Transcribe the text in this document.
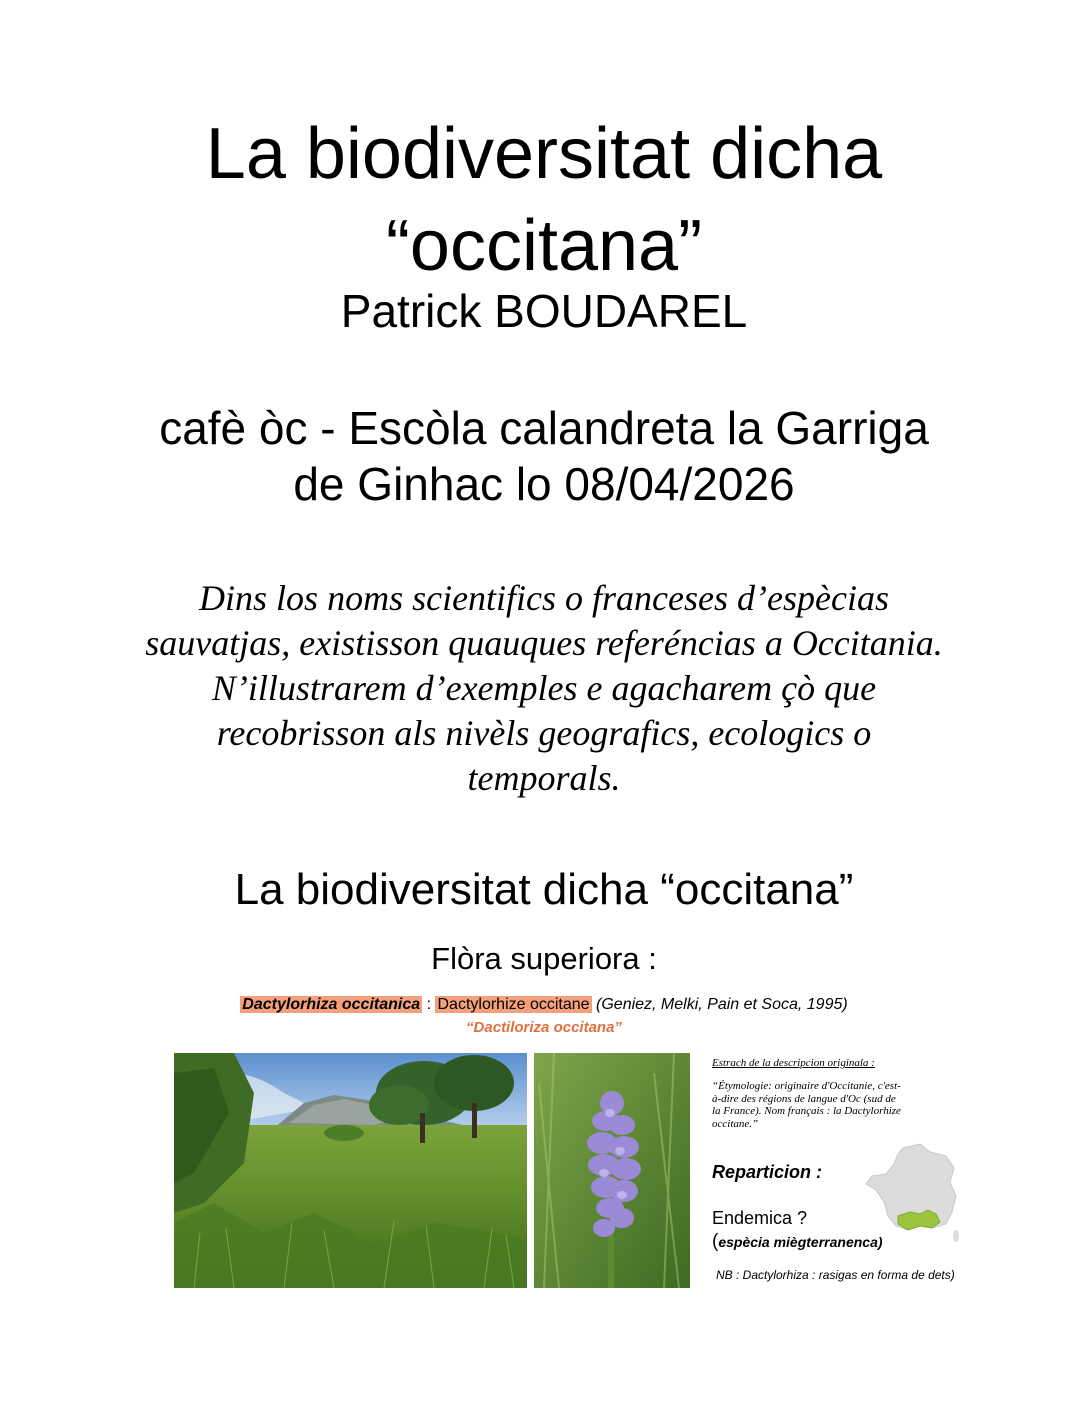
La biodiversitat dicha
“occitana”
Patrick BOUDAREL
cafè òc - Escòla calandreta la Garriga
de Ginhac lo 08/04/2026
Dins los noms scientifics o franceses d’espècias
sauvatjas, existisson quauques referéncias a Occitania.
N’illustrarem d’exemples e agacharem çò que
recobrisson als nivèls geografics, ecologics o
temporals.
La biodiversitat dicha “occitana”
Flòra superiora :
Dactylorhiza occitanica : Dactylorhize occitane (Geniez, Melki, Pain et Soca, 1995)
“Dactiloriza occitana”
Estrach de la descripcion originala :
“Étymologie: originaire d'Occitanie, c'est-à-dire des régions de langue d'Oc (sud de la France). Nom français : la Dactylorhize occitane.”
Reparticion :
Endemica ?
(espècia miègterranenca)
NB : Dactylorhiza : rasigas en forma de dets)
